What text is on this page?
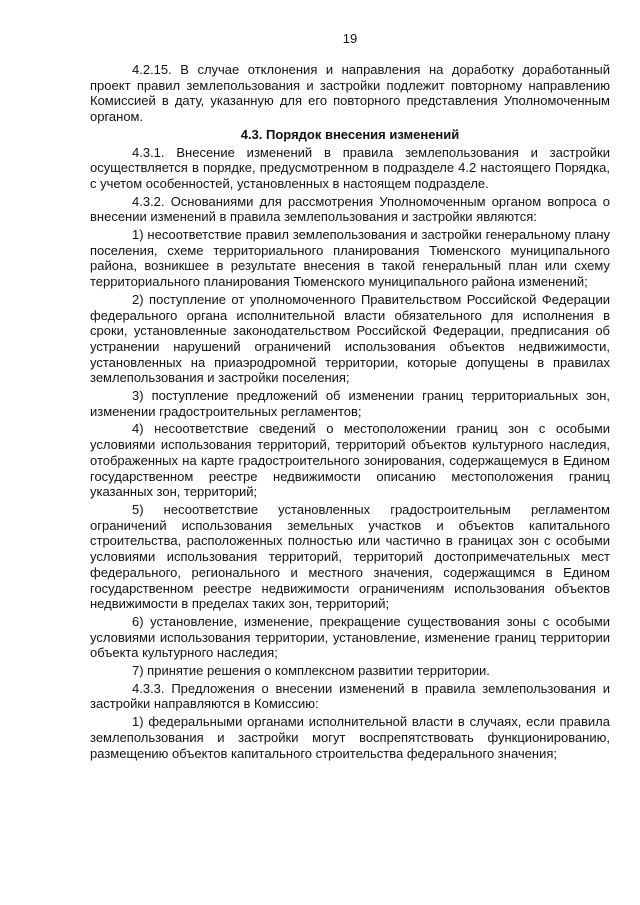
19
4.2.15. В случае отклонения и направления на доработку доработанный проект правил землепользования и застройки подлежит повторному направлению Комиссией в дату, указанную для его повторного представления Уполномоченным органом.
4.3. Порядок внесения изменений
4.3.1. Внесение изменений в правила землепользования и застройки осуществляется в порядке, предусмотренном в подразделе 4.2 настоящего Порядка, с учетом особенностей, установленных в настоящем подразделе.
4.3.2. Основаниями для рассмотрения Уполномоченным органом вопроса о внесении изменений в правила землепользования и застройки являются:
1) несоответствие правил землепользования и застройки генеральному плану поселения, схеме территориального планирования Тюменского муниципального района, возникшее в результате внесения в такой генеральный план или схему территориального планирования Тюменского муниципального района изменений;
2) поступление от уполномоченного Правительством Российской Федерации федерального органа исполнительной власти обязательного для исполнения в сроки, установленные законодательством Российской Федерации, предписания об устранении нарушений ограничений использования объектов недвижимости, установленных на приаэродромной территории, которые допущены в правилах землепользования и застройки поселения;
3) поступление предложений об изменении границ территориальных зон, изменении градостроительных регламентов;
4) несоответствие сведений о местоположении границ зон с особыми условиями использования территорий, территорий объектов культурного наследия, отображенных на карте градостроительного зонирования, содержащемуся в Едином государственном реестре недвижимости описанию местоположения границ указанных зон, территорий;
5) несоответствие установленных градостроительным регламентом ограничений использования земельных участков и объектов капитального строительства, расположенных полностью или частично в границах зон с особыми условиями использования территорий, территорий достопримечательных мест федерального, регионального и местного значения, содержащимся в Едином государственном реестре недвижимости ограничениям использования объектов недвижимости в пределах таких зон, территорий;
6) установление, изменение, прекращение существования зоны с особыми условиями использования территории, установление, изменение границ территории объекта культурного наследия;
7) принятие решения о комплексном развитии территории.
4.3.3. Предложения о внесении изменений в правила землепользования и застройки направляются в Комиссию:
1) федеральными органами исполнительной власти в случаях, если правила землепользования и застройки могут воспрепятствовать функционированию, размещению объектов капитального строительства федерального значения;
